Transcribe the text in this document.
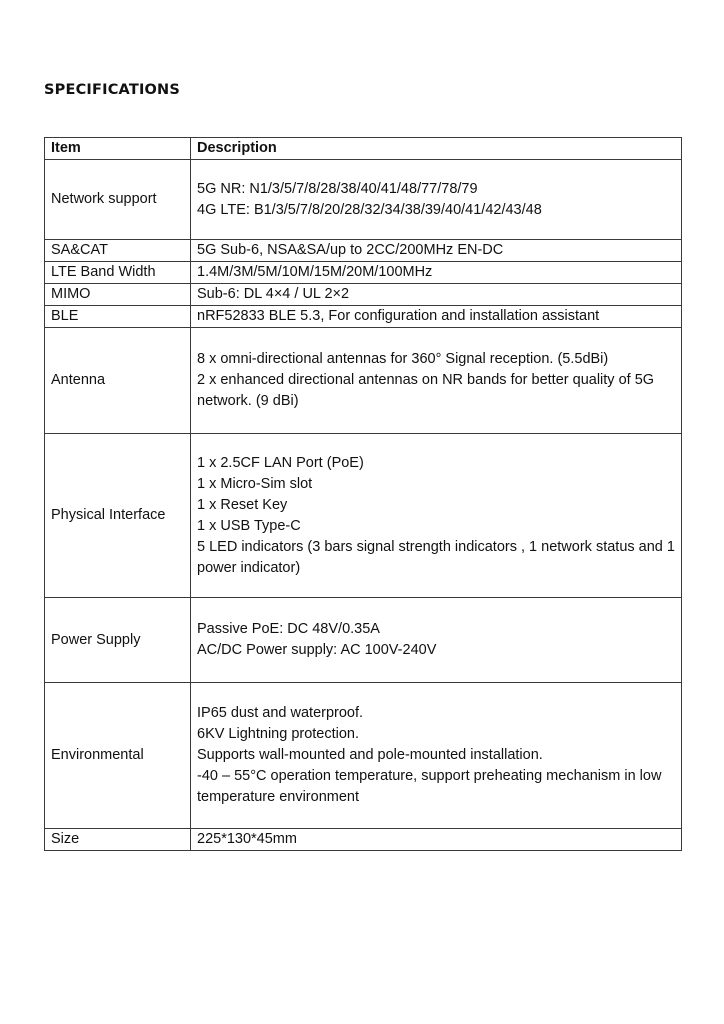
SPECIFICATIONS
Item	Description
Network support	5G NR: N1/3/5/7/8/28/38/40/41/48/77/78/79
4G LTE: B1/3/5/7/8/20/28/32/34/38/39/40/41/42/43/48

SA&CAT	5G Sub-6, NSA&SA/up to 2CC/200MHz EN-DC

LTE Band Width	1.4M/3M/5M/10M/15M/20M/100MHz

MIMO	Sub-6: DL 4×4 / UL 2×2

BLE	nRF52833 BLE 5.3, For configuration and installation assistant

Antenna	8 x omni-directional antennas for 360° Signal reception. (5.5dBi)
2 x enhanced directional antennas on NR bands for better quality of 5G network. (9 dBi)

Physical Interface	1 x 2.5CF LAN Port (PoE)
1 x Micro-Sim slot
1 x Reset Key
1 x USB Type-C
5 LED indicators (3 bars signal strength indicators , 1 network status and 1 power indicator)

Power Supply	Passive PoE: DC 48V/0.35A
AC/DC Power supply: AC 100V-240V

Environmental	IP65 dust and waterproof.
6KV Lightning protection.
Supports wall-mounted and pole-mounted installation.
-40 – 55°C operation temperature, support preheating mechanism in low temperature environment

Size	225*130*45mm
